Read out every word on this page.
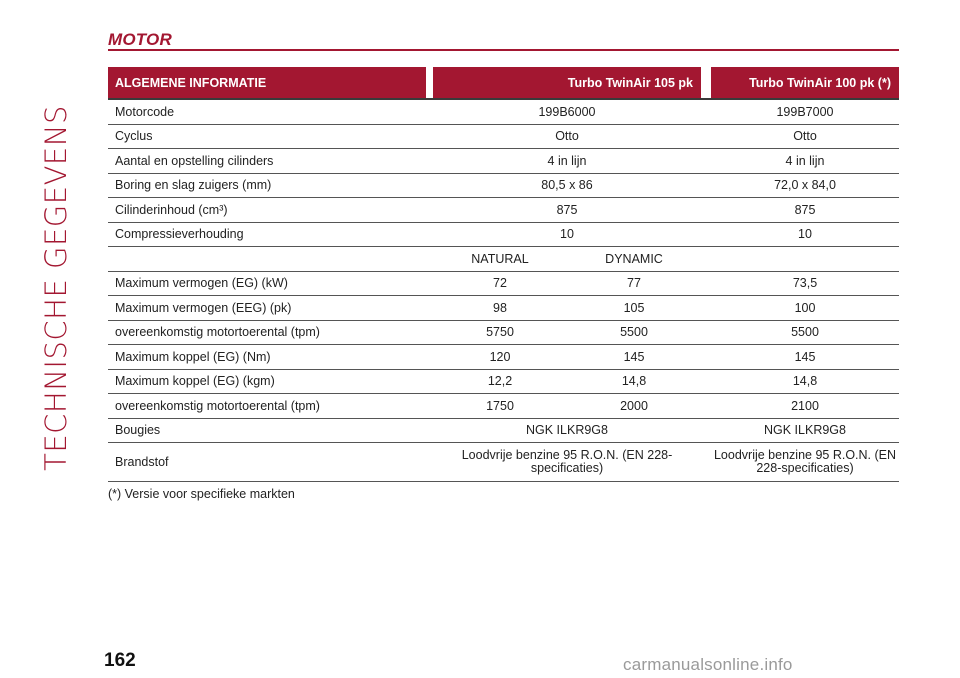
TECHNISCHE GEGEVENS
MOTOR
ALGEMENE INFORMATIE		Turbo TwinAir 105 pk			Turbo TwinAir 100 pk (*)
Motorcode		199B6000			199B7000
Cyclus		Otto			Otto
Aantal en opstelling cilinders		4 in lijn			4 in lijn
Boring en slag zuigers (mm)		80,5 x 86			72,0 x 84,0
Cilinderinhoud (cm³)		875			875
Compressieverhouding		10			10
		NATURAL	DYNAMIC		
Maximum vermogen (EG) (kW)		72	77		73,5
Maximum vermogen (EEG) (pk)		98	105		100
overeenkomstig motortoerental (tpm)		5750	5500		5500
Maximum koppel (EG) (Nm)		120	145		145
Maximum koppel (EG) (kgm)		12,2	14,8		14,8
overeenkomstig motortoerental (tpm)		1750	2000		2100
Bougies		NGK ILKR9G8			NGK ILKR9G8
Brandstof		Loodvrije benzine 95 R.O.N. (EN 228-specificaties)			Loodvrije benzine 95 R.O.N. (EN 228-specificaties)
(*) Versie voor specifieke markten
162	carmanualsonline.info
